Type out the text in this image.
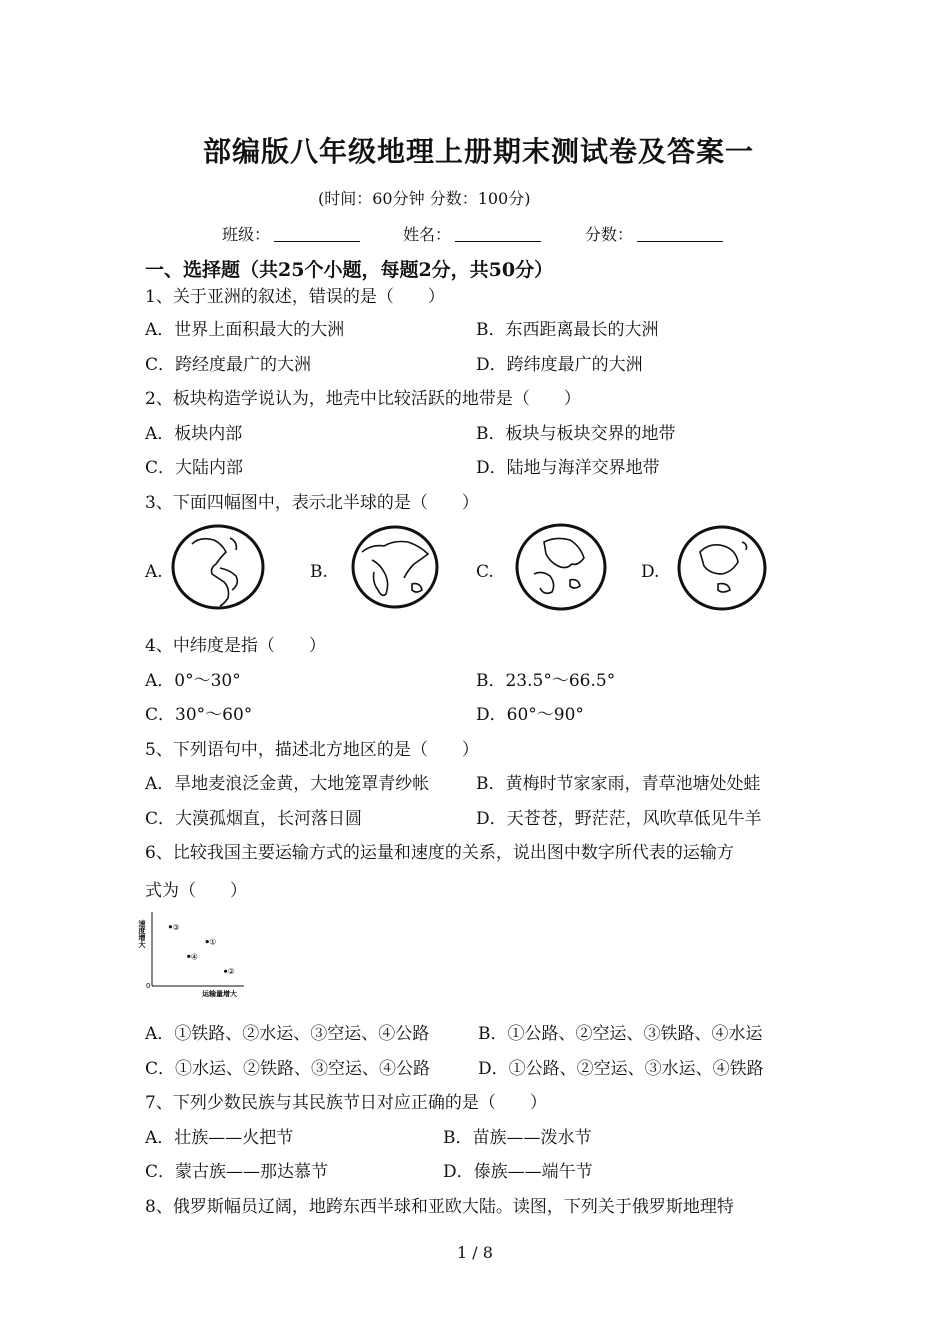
部编版八年级地理上册期末测试卷及答案一
(时间：60分钟 分数：100分)
班级：	姓名：	分数：
一、选择题（共25个小题，每题2分，共50分）
1、关于亚洲的叙述，错误的是（　　）
A．世界上面积最大的大洲	B．东西距离最长的大洲
C．跨经度最广的大洲	D．跨纬度最广的大洲
2、板块构造学说认为，地壳中比较活跃的地带是（　　）
A．板块内部	B．板块与板块交界的地带
C．大陆内部	D．陆地与海洋交界地带
3、下面四幅图中，表示北半球的是（　　）
A.	B.	C.	D.
4、中纬度是指（　　）
A．0°～30°	B．23.5°～66.5°
C．30°～60°	D．60°～90°
5、下列语句中，描述北方地区的是（　　）
A．旱地麦浪泛金黄，大地笼罩青纱帐	B．黄梅时节家家雨，青草池塘处处蛙
C．大漠孤烟直，长河落日圆	D．天苍苍，野茫茫，风吹草低见牛羊
6、比较我国主要运输方式的运量和速度的关系，说出图中数字所代表的运输方
式为（　　）
0
速度增大
运输量增大
③
①
④
②
A．①铁路、②水运、③空运、④公路	B．①公路、②空运、③铁路、④水运
C．①水运、②铁路、③空运、④公路	D．①公路、②空运、③水运、④铁路
7、下列少数民族与其民族节日对应正确的是（　　）
A．壮族——火把节	B．苗族——泼水节
C．蒙古族——那达慕节	D．傣族——端午节
8、俄罗斯幅员辽阔，地跨东西半球和亚欧大陆。读图，下列关于俄罗斯地理特
1 / 8
